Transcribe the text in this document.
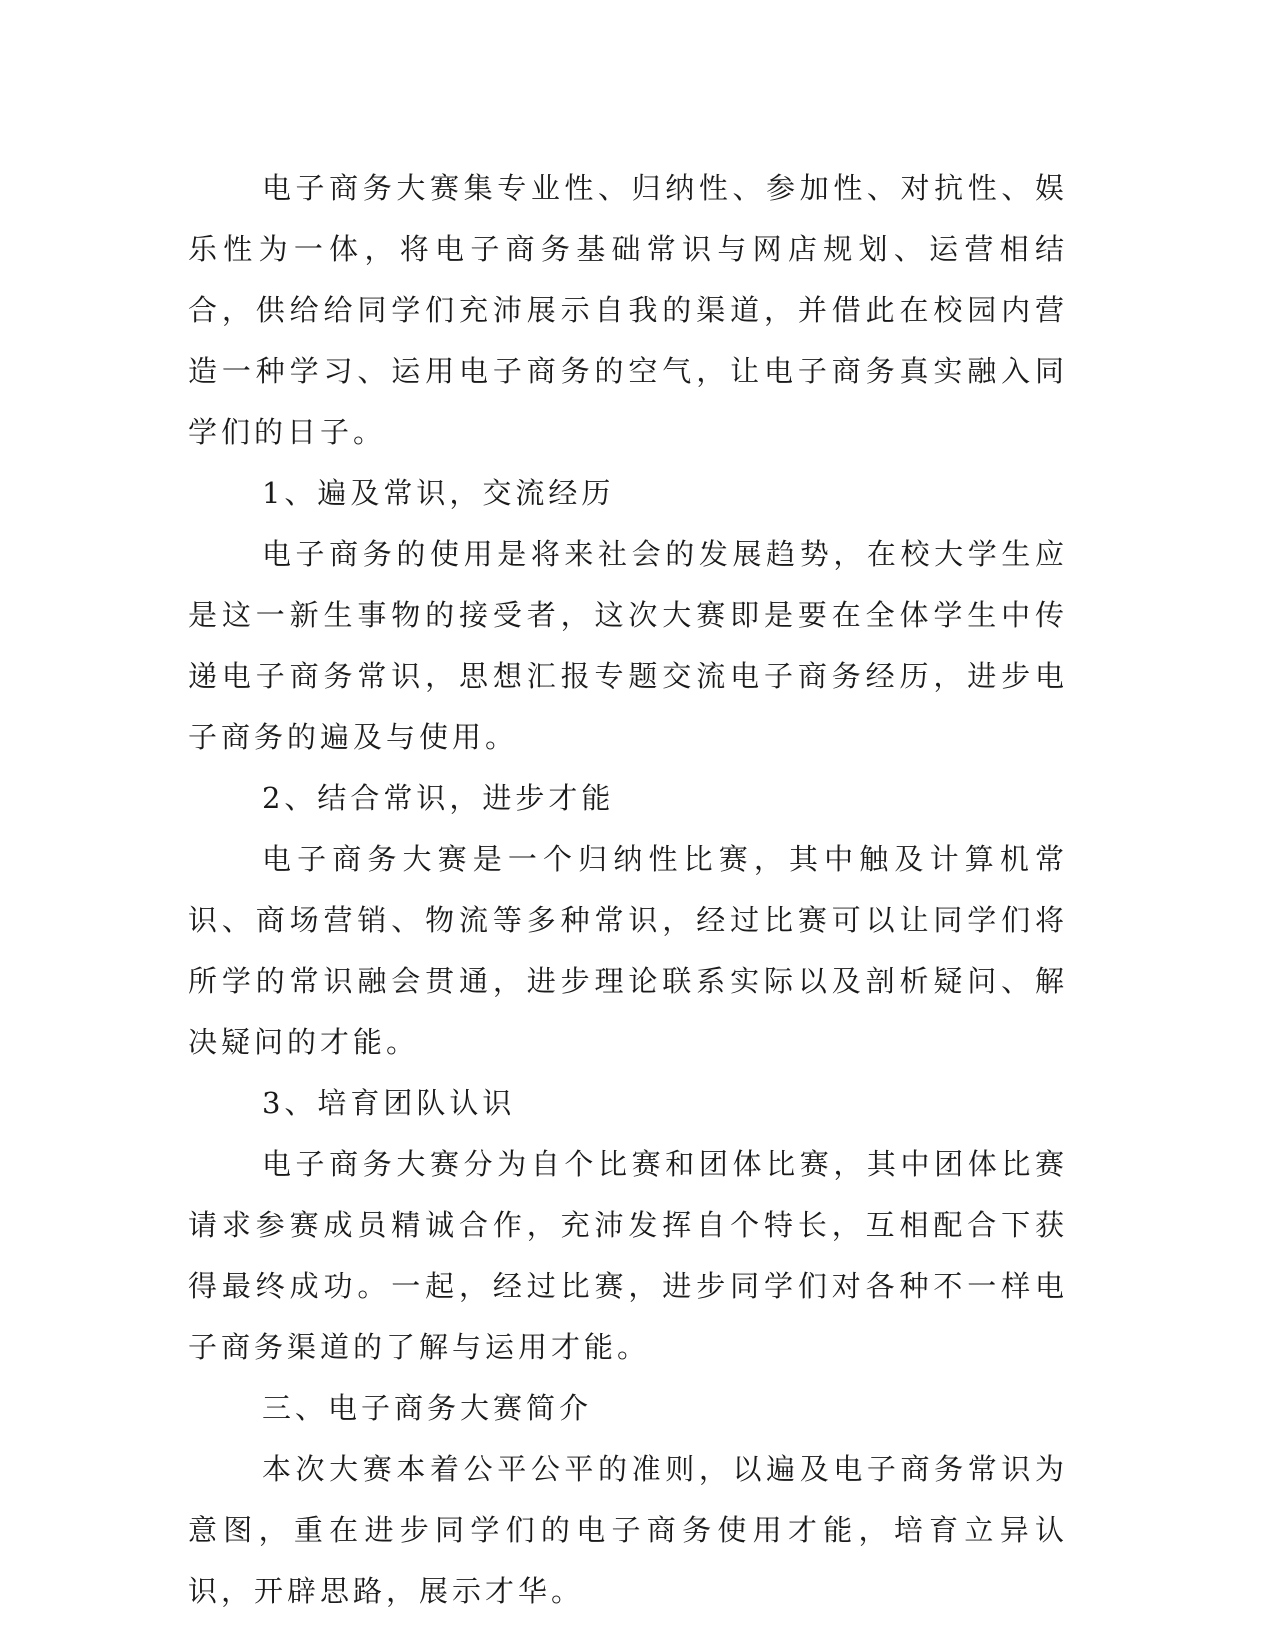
电子商务大赛集专业性、归纳性、参加性、对抗性、娱乐性为一体，将电子商务基础常识与网店规划、运营相结合，供给给同学们充沛展示自我的渠道，并借此在校园内营造一种学习、运用电子商务的空气，让电子商务真实融入同学们的日子。

1、遍及常识，交流经历

电子商务的使用是将来社会的发展趋势，在校大学生应是这一新生事物的接受者，这次大赛即是要在全体学生中传递电子商务常识，思想汇报专题交流电子商务经历，进步电子商务的遍及与使用。

2、结合常识，进步才能

电子商务大赛是一个归纳性比赛，其中触及计算机常识、商场营销、物流等多种常识，经过比赛可以让同学们将所学的常识融会贯通，进步理论联系实际以及剖析疑问、解决疑问的才能。

3、培育团队认识

电子商务大赛分为自个比赛和团体比赛，其中团体比赛请求参赛成员精诚合作，充沛发挥自个特长，互相配合下获得最终成功。一起，经过比赛，进步同学们对各种不一样电子商务渠道的了解与运用才能。

三、电子商务大赛简介

本次大赛本着公平公平的准则，以遍及电子商务常识为意图，重在进步同学们的电子商务使用才能，培育立异认识，开辟思路，展示才华。
